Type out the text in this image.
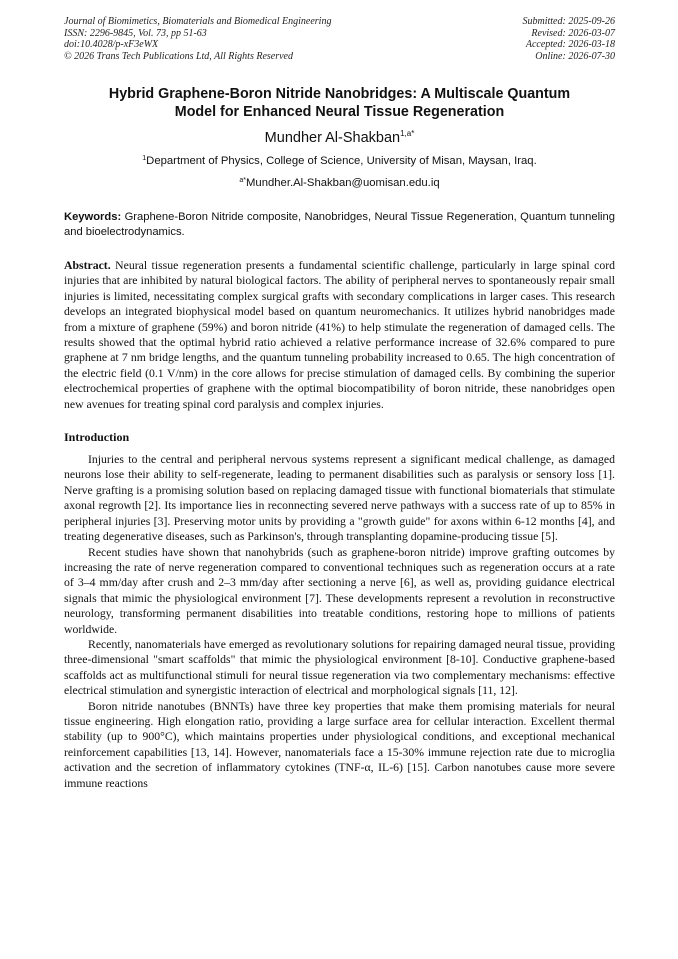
Journal of Biomimetics, Biomaterials and Biomedical Engineering
ISSN: 2296-9845, Vol. 73, pp 51-63
doi:10.4028/p-xF3eWX
© 2026 Trans Tech Publications Ltd, All Rights Reserved
Submitted: 2025-09-26
Revised: 2026-03-07
Accepted: 2026-03-18
Online: 2026-07-30
Hybrid Graphene-Boron Nitride Nanobridges: A Multiscale Quantum
Model for Enhanced Neural Tissue Regeneration
Mundher Al-Shakban$^{1,a*}$
$^1$Department of Physics, College of Science, University of Misan, Maysan, Iraq.
$^{a*}$Mundher.Al-Shakban@uomisan.edu.iq
Keywords: Graphene-Boron Nitride composite, Nanobridges, Neural Tissue Regeneration, Quantum tunneling and bioelectrodynamics.
Abstract. Neural tissue regeneration presents a fundamental scientific challenge, particularly in large spinal cord injuries that are inhibited by natural biological factors. The ability of peripheral nerves to spontaneously repair small injuries is limited, necessitating complex surgical grafts with secondary complications in larger cases. This research develops an integrated biophysical model based on quantum neuromechanics. It utilizes hybrid nanobridges made from a mixture of graphene (59%) and boron nitride (41%) to help stimulate the regeneration of damaged cells. The results showed that the optimal hybrid ratio achieved a relative performance increase of 32.6% compared to pure graphene at 7 nm bridge lengths, and the quantum tunneling probability increased to 0.65. The high concentration of the electric field (0.1 V/nm) in the core allows for precise stimulation of damaged cells. By combining the superior electrochemical properties of graphene with the optimal biocompatibility of boron nitride, these nanobridges open new avenues for treating spinal cord paralysis and complex injuries.
Introduction

Injuries to the central and peripheral nervous systems represent a significant medical challenge, as damaged neurons lose their ability to self-regenerate, leading to permanent disabilities such as paralysis or sensory loss [1]. Nerve grafting is a promising solution based on replacing damaged tissue with functional biomaterials that stimulate axonal regrowth [2]. Its importance lies in reconnecting severed nerve pathways with a success rate of up to 85% in peripheral injuries [3]. Preserving motor units by providing a "growth guide" for axons within 6-12 months [4], and treating degenerative diseases, such as Parkinson's, through transplanting dopamine-producing tissue [5].

Recent studies have shown that nanohybrids (such as graphene-boron nitride) improve grafting outcomes by increasing the rate of nerve regeneration compared to conventional techniques such as regeneration occurs at a rate of 3–4 mm/day after crush and 2–3 mm/day after sectioning a nerve [6], as well as, providing guidance electrical signals that mimic the physiological environment [7]. These developments represent a revolution in reconstructive neurology, transforming permanent disabilities into treatable conditions, restoring hope to millions of patients worldwide.

Recently, nanomaterials have emerged as revolutionary solutions for repairing damaged neural tissue, providing three-dimensional "smart scaffolds" that mimic the physiological environment [8-10]. Conductive graphene-based scaffolds act as multifunctional stimuli for neural tissue regeneration via two complementary mechanisms: effective electrical stimulation and synergistic interaction of electrical and morphological signals [11, 12].

Boron nitride nanotubes (BNNTs) have three key properties that make them promising materials for neural tissue engineering. High elongation ratio, providing a large surface area for cellular interaction. Excellent thermal stability (up to 900°C), which maintains properties under physiological conditions, and exceptional mechanical reinforcement capabilities [13, 14]. However, nanomaterials face a 15-30% immune rejection rate due to microglia activation and the secretion of inflammatory cytokines (TNF-α, IL-6) [15]. Carbon nanotubes cause more severe immune reactions
